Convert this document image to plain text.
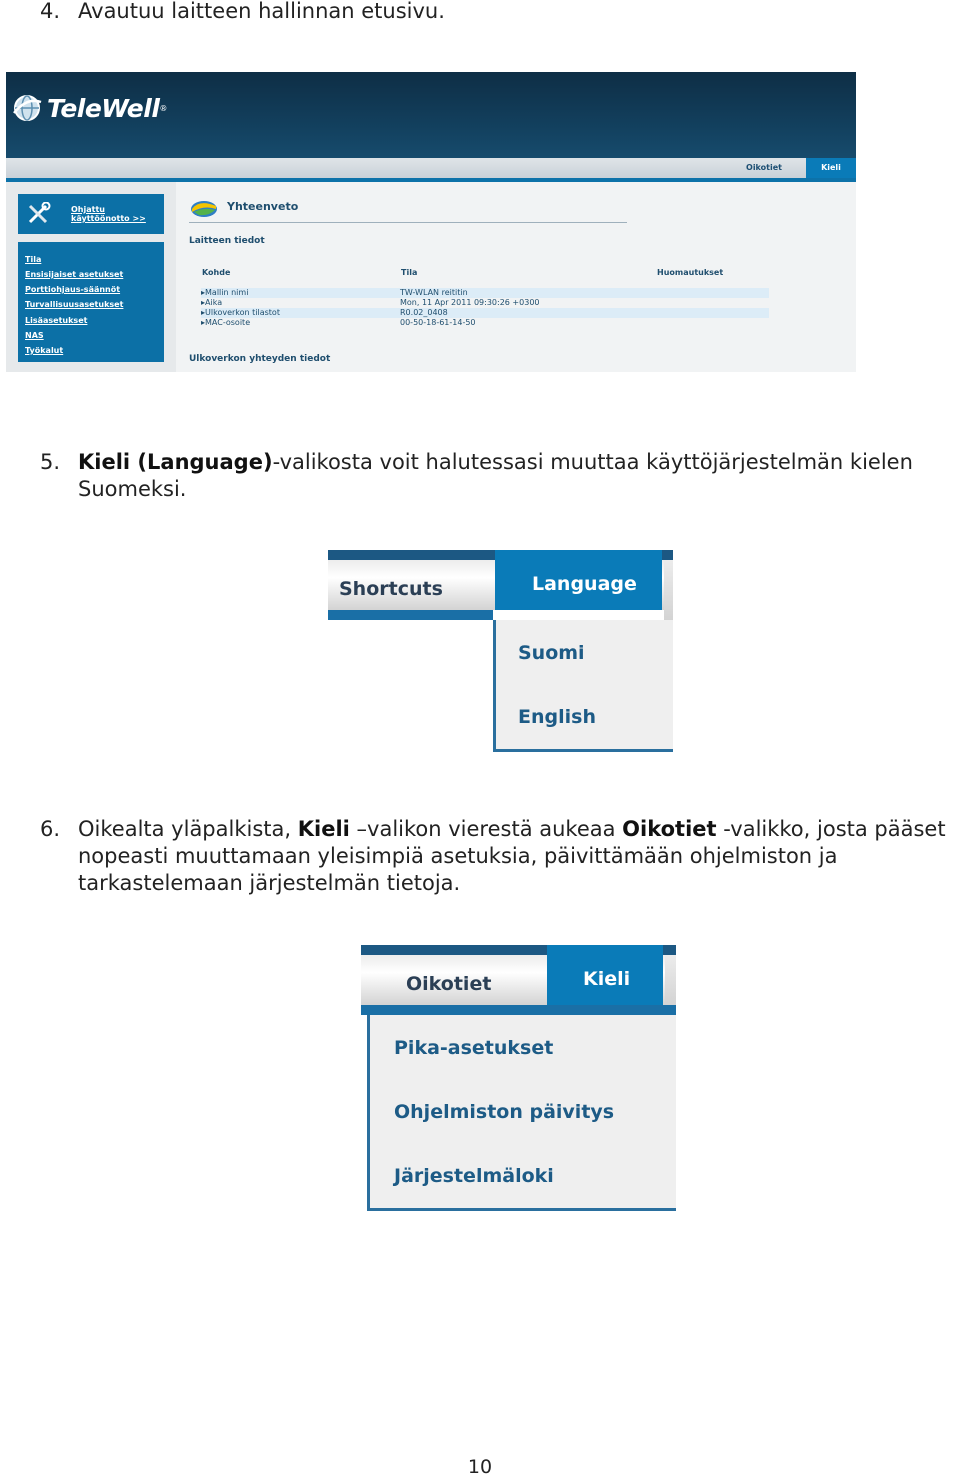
4. Avautuu laitteen hallinnan etusivu.
TeleWell ®
Oikotiet	Kieli
Ohjattu
käyttöönotto >>
Tila
Ensisijaiset asetukset
Porttiohjaus-säännöt
Turvallisuusasetukset
Lisäasetukset
NAS
Työkalut
Yhteenveto
Laitteen tiedot
Kohde	Tila	Huomautukset
▸Mallin nimi	TW-WLAN reititin
▸Aika	Mon, 11 Apr 2011 09:30:26 +0300
▸Ulkoverkon tilastot	R0.02_0408
▸MAC-osoite	00-50-18-61-14-50
Ulkoverkon yhteyden tiedot
5. Kieli (Language)-valikosta voit halutessasi muuttaa käyttöjärjestelmän kielen
Suomeksi.
Shortcuts	Language
Suomi
English
6. Oikealta yläpalkista, Kieli –valikon vierestä aukeaa Oikotiet -valikko, josta pääset
nopeasti muuttamaan yleisimpiä asetuksia, päivittämään ohjelmiston ja
tarkastelemaan järjestelmän tietoja.
Oikotiet	Kieli
Pika-asetukset
Ohjelmiston päivitys
Järjestelmäloki
10
